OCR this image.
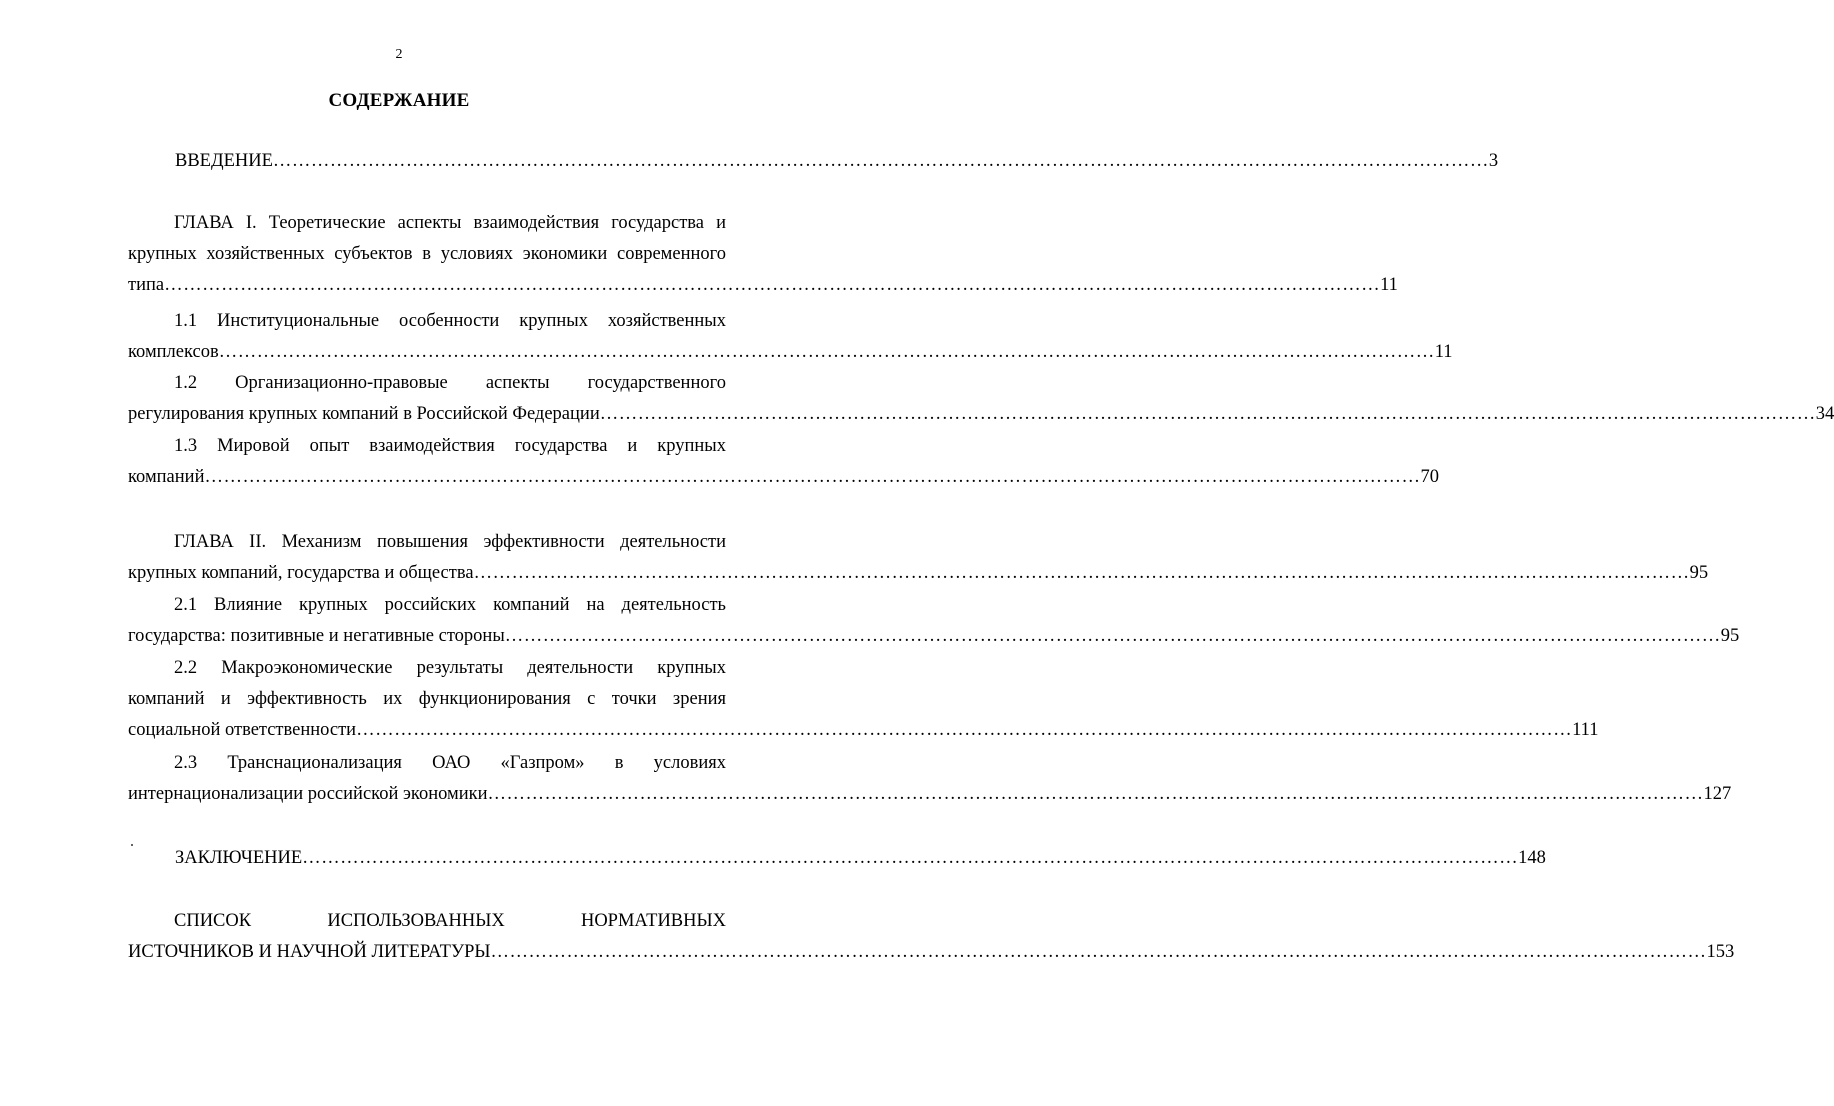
2
СОДЕРЖАНИЕ
ВВЕДЕНИЕ ………………………………………………………………………………………………………………………………………………………………………… 3
ГЛАВА I. Теоретические аспекты взаимодействия государства и
крупных хозяйственных субъектов в условиях экономики современного
типа ………………………………………………………………………………………………………………………………………………………………………… 11
1.1 Институциональные особенности крупных хозяйственных
комплексов ………………………………………………………………………………………………………………………………………………………………………… 11
1.2 Организационно-правовые аспекты государственного
регулирования крупных компаний в Российской Федерации ………………………………………………………………………………………………………………………………………………………………………… 34
1.3 Мировой опыт взаимодействия государства и крупных
компаний ………………………………………………………………………………………………………………………………………………………………………… 70
ГЛАВА II. Механизм повышения эффективности деятельности
крупных компаний, государства и общества ………………………………………………………………………………………………………………………………………………………………………… 95
2.1 Влияние крупных российских компаний на деятельность
государства: позитивные и негативные стороны ………………………………………………………………………………………………………………………………………………………………………… 95
2.2 Макроэкономические результаты деятельности крупных
компаний и эффективность их функционирования с точки зрения
социальной ответственности ………………………………………………………………………………………………………………………………………………………………………… 111
2.3 Транснационализация ОАО «Газпром» в условиях
интернационализации российской экономики ………………………………………………………………………………………………………………………………………………………………………… 127
ЗАКЛЮЧЕНИЕ ………………………………………………………………………………………………………………………………………………………………………… 148
СПИСОК ИСПОЛЬЗОВАННЫХ НОРМАТИВНЫХ
ИСТОЧНИКОВ И НАУЧНОЙ ЛИТЕРАТУРЫ ………………………………………………………………………………………………………………………………………………………………………… 153
